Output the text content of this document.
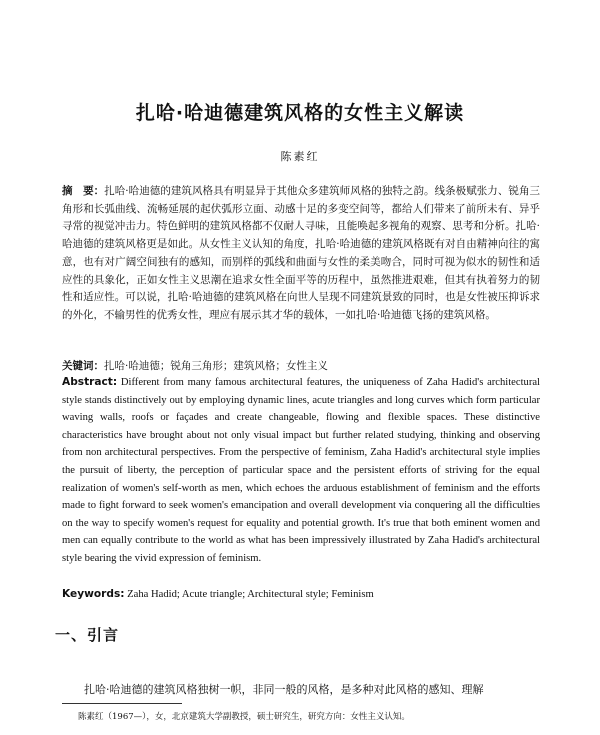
扎哈·哈迪德建筑风格的女性主义解读
陈素红
摘　要：扎哈·哈迪德的建筑风格具有明显异于其他众多建筑师风格的独特之韵。线条极赋张力、锐角三角形和长弧曲线、流畅延展的起伏弧形立面、动感十足的多变空间等，都给人们带来了前所未有、异乎寻常的视觉冲击力。特色鲜明的建筑风格都不仅耐人寻味，且能唤起多视角的观察、思考和分析。扎哈·哈迪德的建筑风格更是如此。从女性主义认知的角度，扎哈·哈迪德的建筑风格既有对自由精神向往的寓意，也有对广阔空间独有的感知，而别样的弧线和曲面与女性的柔美吻合，同时可视为似水的韧性和适应性的具象化，正如女性主义思潮在追求女性全面平等的历程中，虽然推进艰难，但其有执着努力的韧性和适应性。可以说，扎哈·哈迪德的建筑风格在向世人呈现不同建筑景致的同时，也是女性被压抑诉求的外化，不输男性的优秀女性，理应有展示其才华的载体，一如扎哈·哈迪德飞扬的建筑风格。
关键词：扎哈·哈迪德；锐角三角形；建筑风格；女性主义
Abstract: Different from many famous architectural features, the uniqueness of Zaha Hadid's architectural style stands distinctively out by employing dynamic lines, acute triangles and long curves which form particular waving walls, roofs or façades and create changeable, flowing and flexible spaces. These distinctive characteristics have brought about not only visual impact but further related studying, thinking and observing from non architectural perspectives. From the perspective of feminism, Zaha Hadid's architectural style implies the pursuit of liberty, the perception of particular space and the persistent efforts of striving for the equal realization of women's self-worth as men, which echoes the arduous establishment of feminism and the efforts made to fight forward to seek women's emancipation and overall development via conquering all the difficulties on the way to specify women's request for equality and potential growth. It's true that both eminent women and men can equally contribute to the world as what has been impressively illustrated by Zaha Hadid's architectural style bearing the vivid expression of feminism.
Keywords: Zaha Hadid; Acute triangle; Architectural style; Feminism
一、引言
扎哈·哈迪德的建筑风格独树一帜，非同一般的风格，是多种对此风格的感知、理解
陈素红（1967—），女，北京建筑大学副教授，硕士研究生，研究方向：女性主义认知。
